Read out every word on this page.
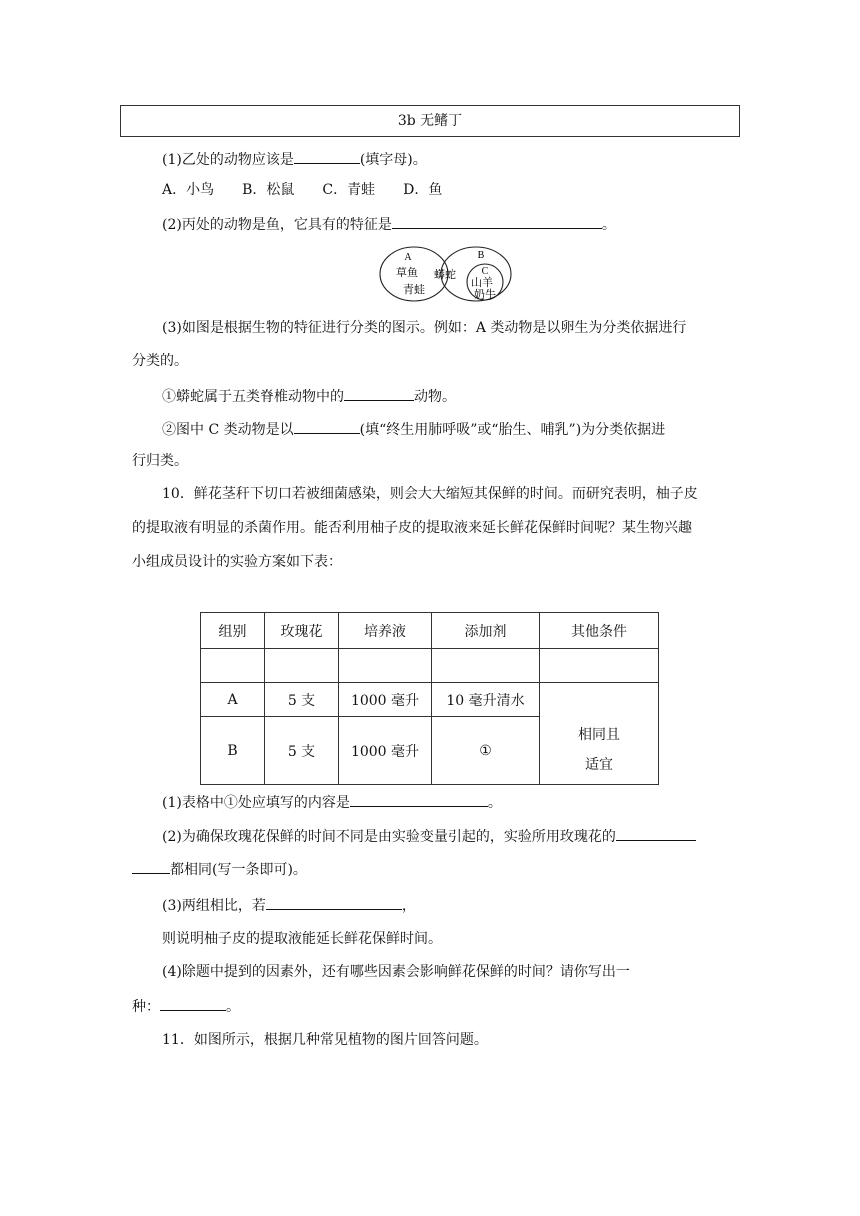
3b 无鳍丁
(1)乙处的动物应该是	(填字母)。
A．小鸟 B．松鼠 C．青蛙 D．鱼
(2)丙处的动物是鱼，它具有的特征是	。
A	B
C
草鱼
青蛙
蟒蛇
山羊
奶牛
(3)如图是根据生物的特征进行分类的图示。例如：A 类动物是以卵生为分类依据进行
分类的。
①蟒蛇属于五类脊椎动物中的	动物。
②图中 C 类动物是以	(填“终生用肺呼吸”或“胎生、哺乳”)为分类依据进
行归类。
10．鲜花茎秆下切口若被细菌感染，则会大大缩短其保鲜的时间。而研究表明，柚子皮
的提取液有明显的杀菌作用。能否利用柚子皮的提取液来延长鲜花保鲜时间呢？某生物兴趣
小组成员设计的实验方案如下表：
组别	玫瑰花	培养液	添加剂	其他条件

A	5 支	1000 毫升	10 毫升清水	
B	5 支	1000 毫升	①	相同且
适宜
(1)表格中①处应填写的内容是	。
(2)为确保玫瑰花保鲜的时间不同是由实验变量引起的，实验所用玫瑰花的
都相同(写一条即可)。
(3)两组相比，若	，
则说明柚子皮的提取液能延长鲜花保鲜时间。
(4)除题中提到的因素外，还有哪些因素会影响鲜花保鲜的时间？请你写出一
种：	。
11．如图所示，根据几种常见植物的图片回答问题。
